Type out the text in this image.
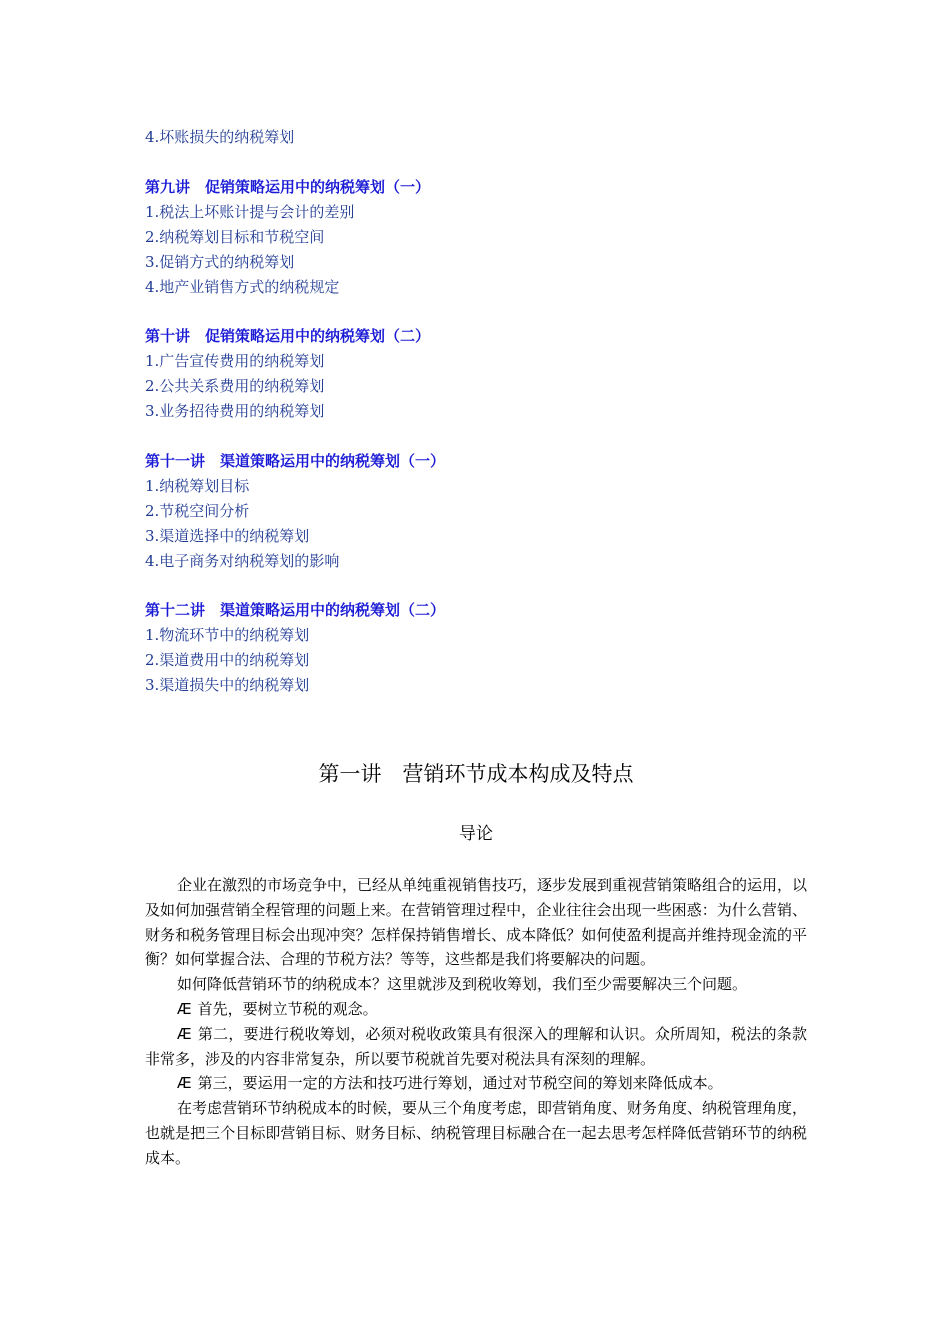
4.坏账损失的纳税筹划
第九讲　促销策略运用中的纳税筹划（一）
1.税法上坏账计提与会计的差别
2.纳税筹划目标和节税空间
3.促销方式的纳税筹划
4.地产业销售方式的纳税规定
第十讲　促销策略运用中的纳税筹划（二）
1.广告宣传费用的纳税筹划
2.公共关系费用的纳税筹划
3.业务招待费用的纳税筹划
第十一讲　渠道策略运用中的纳税筹划（一）
1.纳税筹划目标
2.节税空间分析
3.渠道选择中的纳税筹划
4.电子商务对纳税筹划的影响
第十二讲　渠道策略运用中的纳税筹划（二）
1.物流环节中的纳税筹划
2.渠道费用中的纳税筹划
3.渠道损失中的纳税筹划
第一讲　营销环节成本构成及特点
导论

企业在激烈的市场竞争中，已经从单纯重视销售技巧，逐步发展到重视营销策略组合的运用，以及如何加强营销全程管理的问题上来。在营销管理过程中，企业往往会出现一些困惑：为什么营销、财务和税务管理目标会出现冲突？怎样保持销售增长、成本降低？如何使盈利提高并维持现金流的平衡？如何掌握合法、合理的节税方法？等等，这些都是我们将要解决的问题。

如何降低营销环节的纳税成本？这里就涉及到税收筹划，我们至少需要解决三个问题。

Æ 首先，要树立节税的观念。

Æ 第二，要进行税收筹划，必须对税收政策具有很深入的理解和认识。众所周知，税法的条款非常多，涉及的内容非常复杂，所以要节税就首先要对税法具有深刻的理解。

Æ 第三，要运用一定的方法和技巧进行筹划，通过对节税空间的筹划来降低成本。

在考虑营销环节纳税成本的时候，要从三个角度考虑，即营销角度、财务角度、纳税管理角度，也就是把三个目标即营销目标、财务目标、纳税管理目标融合在一起去思考怎样降低营销环节的纳税成本。
